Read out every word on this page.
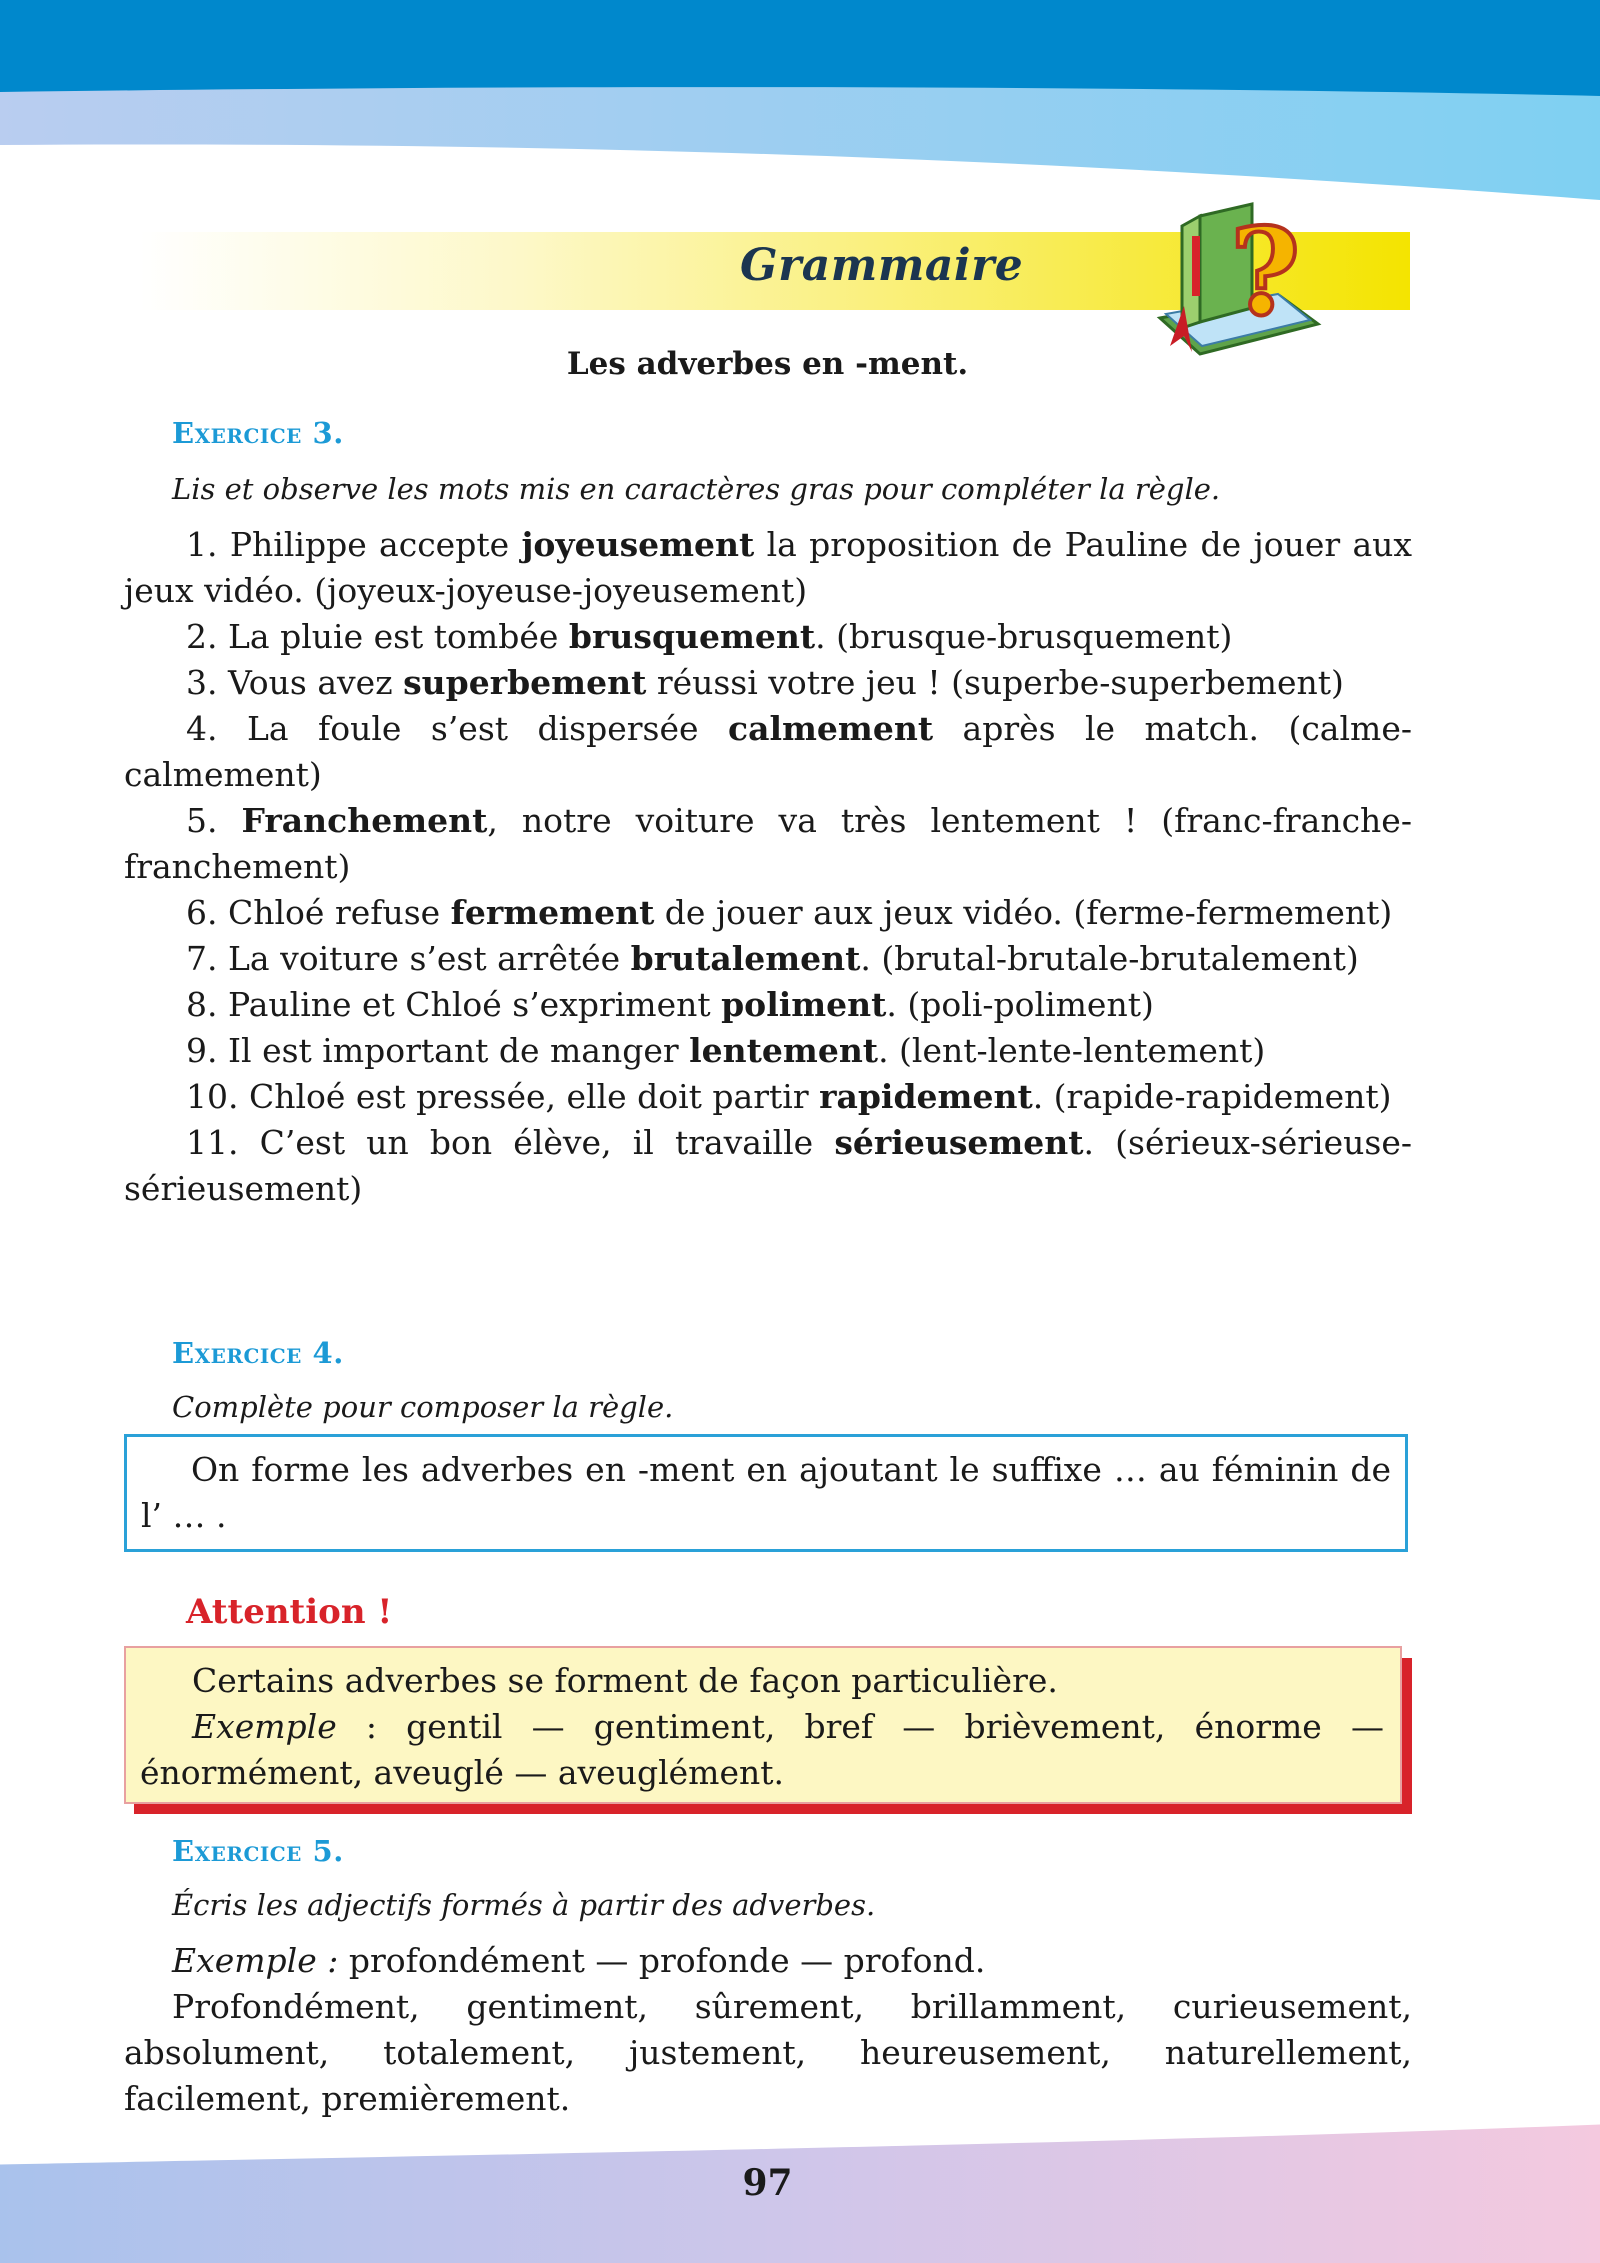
Grammaire ?
Les adverbes en -ment.
Exercice 3.
Lis et observe les mots mis en caractères gras pour compléter la règle.

1. Philippe accepte joyeusement la proposition de Pauline de jouer aux jeux vidéo. (joyeux-joyeuse-joyeusement)

2. La pluie est tombée brusquement. (brusque-brusquement)

3. Vous avez superbement réussi votre jeu ! (superbe-superbement)

4. La foule s’est dispersée calmement après le match. (calme-calmement)

5. Franchement, notre voiture va très lentement ! (franc-franche-franchement)

6. Chloé refuse fermement de jouer aux jeux vidéo. (ferme-fermement)

7. La voiture s’est arrêtée brutalement. (brutal-brutale-brutalement)

8. Pauline et Chloé s’expriment poliment. (poli-poliment)

9. Il est important de manger lentement. (lent-lente-lentement)

10. Chloé est pressée, elle doit partir rapidement. (rapide-rapidement)

11. C’est un bon élève, il travaille sérieusement. (sérieux-sérieuse-sérieusement)

Exercice 4.
Complète pour composer la règle.
On forme les adverbes en -ment en ajoutant le suffixe … au féminin de l’ … .
Attention !

Certains adverbes se forment de façon particulière.

Exemple : gentil — gentiment, bref — brièvement, énorme — énormément, aveuglé — aveuglément.

Exercice 5.
Écris les adjectifs formés à partir des adverbes.

Exemple : profondément — profonde — profond.

Profondément, gentiment, sûrement, brillamment, curieusement, absolument, totalement, justement, heureusement, naturellement, facilement, premièrement.

97
